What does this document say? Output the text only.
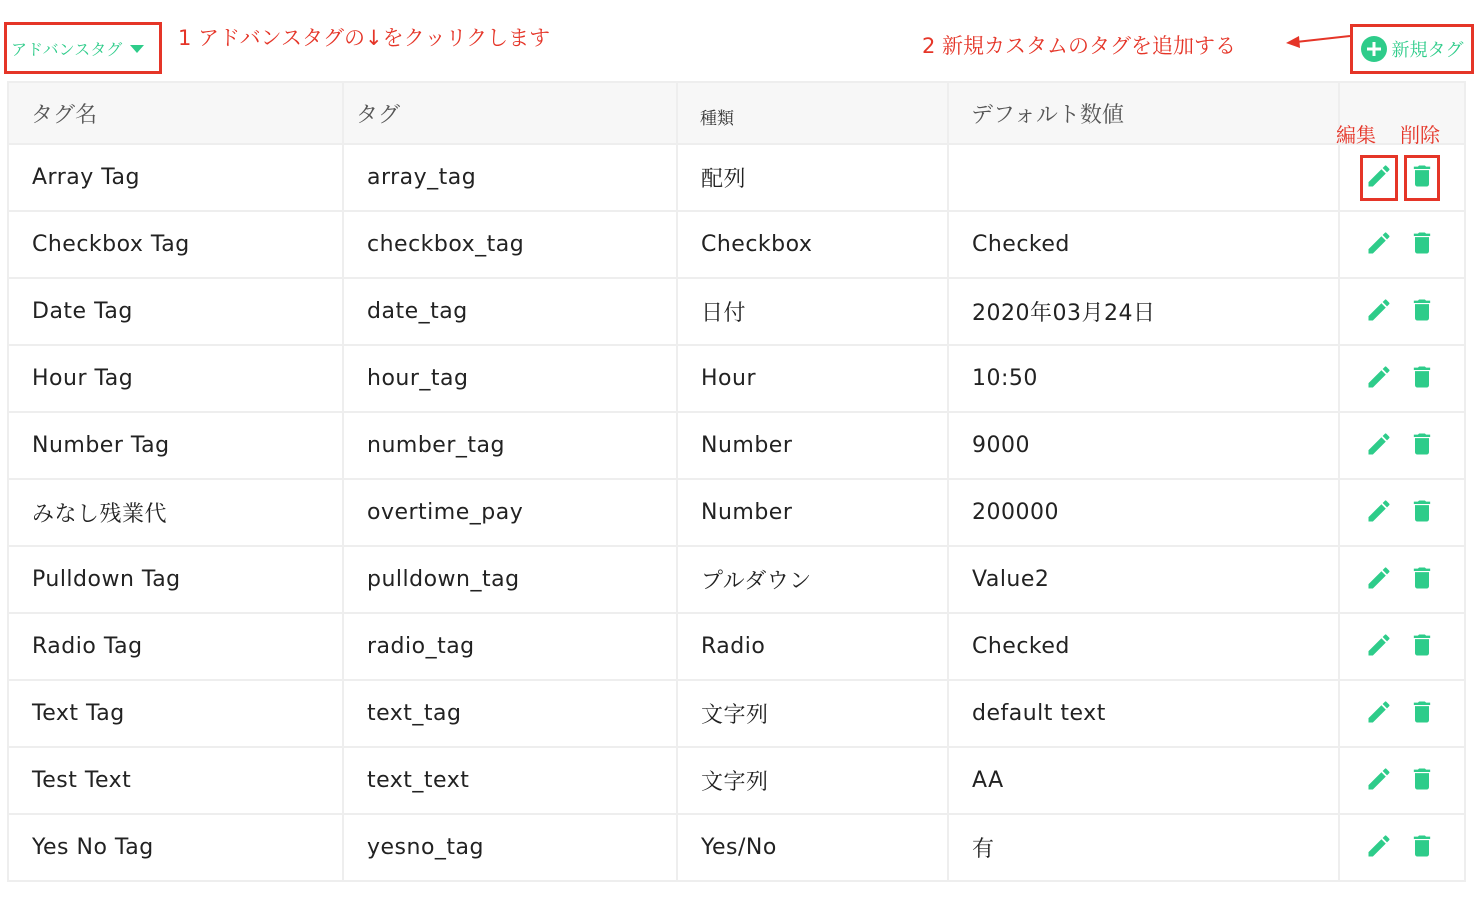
アドバンスタグ	1 アドバンスタグの↓をクッリクします	2 新規カスタムのタグを追加する	新規タグ
タグ名	タグ	種類	デフォルト数値	編集 削除

Array Tag	array_tag	配列		

Checkbox Tag	checkbox_tag	Checkbox	Checked	

Date Tag	date_tag	日付	2020年03月24日	

Hour Tag	hour_tag	Hour	10:50	

Number Tag	number_tag	Number	9000	

みなし残業代	overtime_pay	Number	200000	

Pulldown Tag	pulldown_tag	プルダウン	Value2	

Radio Tag	radio_tag	Radio	Checked	

Text Tag	text_tag	文字列	default text	

Test Text	text_text	文字列	AA	

Yes No Tag	yesno_tag	Yes/No	有	
